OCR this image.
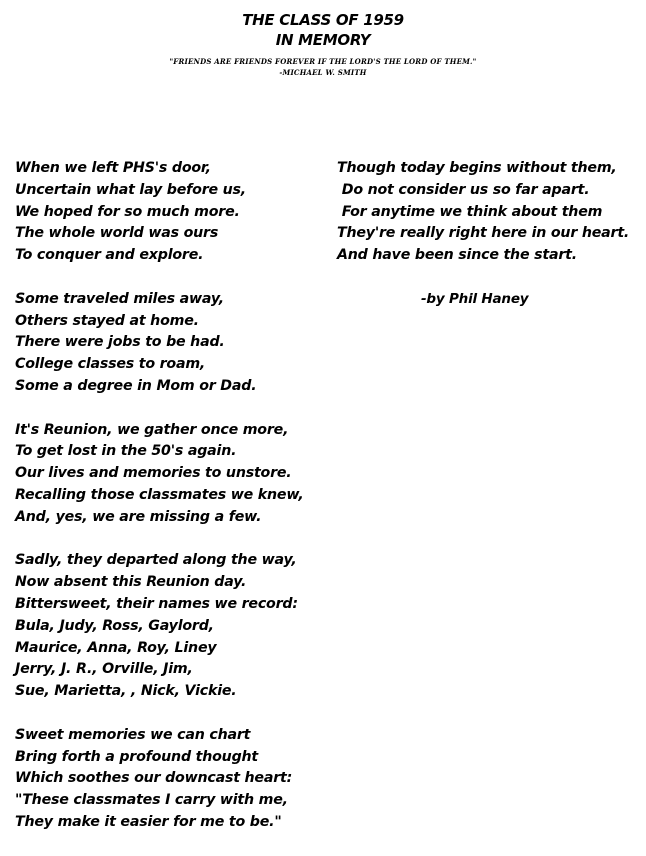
THE CLASS OF 1959
IN MEMORY
"FRIENDS ARE FRIENDS FOREVER IF THE LORD'S THE LORD OF THEM."
-MICHAEL W. SMITH
When we left PHS's door,
Uncertain what lay before us,
We hoped for so much more.
The whole world was ours
To conquer and explore.
Some traveled miles away,
Others stayed at home.
There were jobs to be had.
College classes to roam,
Some a degree in Mom or Dad.
It's Reunion, we gather once more,
To get lost in the 50's again.
Our lives and memories to unstore.
Recalling those classmates we knew,
And, yes, we are missing a few.
Sadly, they departed along the way,
Now absent this Reunion day.
Bittersweet, their names we record:
Bula, Judy, Ross, Gaylord,
Maurice, Anna, Roy, Liney
Jerry, J. R., Orville, Jim,
Sue, Marietta, , Nick, Vickie.
Sweet memories we can chart
Bring forth a profound thought
Which soothes our downcast heart:
"These classmates I carry with me,
They make it easier for me to be."
Though today begins without them,
Do not consider us so far apart.
For anytime we think about them
They're really right here in our heart.
And have been since the start.
-by Phil Haney
